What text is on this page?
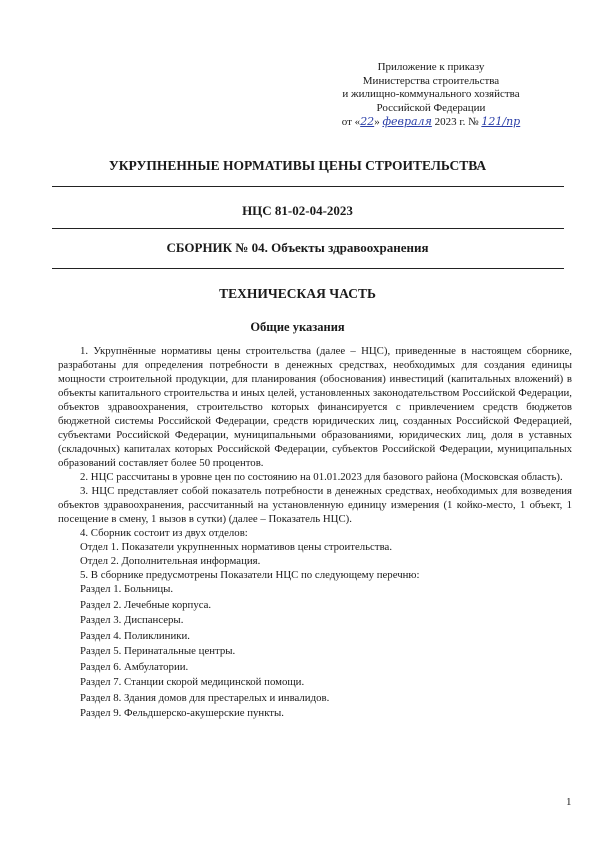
Приложение к приказу
Министерства строительства
и жилищно-коммунального хозяйства
Российской Федерации
от «22» февраля 2023 г. № 121/пр
УКРУПНЕННЫЕ НОРМАТИВЫ ЦЕНЫ СТРОИТЕЛЬСТВА
НЦС 81-02-04-2023
СБОРНИК № 04. Объекты здравоохранения
ТЕХНИЧЕСКАЯ ЧАСТЬ
Общие указания

1. Укрупнённые нормативы цены строительства (далее – НЦС), приведенные в настоящем сборнике, разработаны для определения потребности в денежных средствах, необходимых для создания единицы мощности строительной продукции, для планирования (обоснования) инвестиций (капитальных вложений) в объекты капитального строительства и иных целей, установленных законодательством Российской Федерации, объектов здравоохранения, строительство которых финансируется с привлечением средств бюджетов бюджетной системы Российской Федерации, средств юридических лиц, созданных Российской Федерацией, субъектами Российской Федерации, муниципальными образованиями, юридических лиц, доля в уставных (складочных) капиталах которых Российской Федерации, субъектов Российской Федерации, муниципальных образований составляет более 50 процентов.

2. НЦС рассчитаны в уровне цен по состоянию на 01.01.2023 для базового района (Московская область).

3. НЦС представляет собой показатель потребности в денежных средствах, необходимых для возведения объектов здравоохранения, рассчитанный на установленную единицу измерения (1 койко-место, 1 объект, 1 посещение в смену, 1 вызов в сутки) (далее – Показатель НЦС).

4. Сборник состоит из двух отделов:

Отдел 1. Показатели укрупненных нормативов цены строительства.

Отдел 2. Дополнительная информация.

5. В сборнике предусмотрены Показатели НЦС по следующему перечню:

Раздел 1. Больницы.

Раздел 2. Лечебные корпуса.

Раздел 3. Диспансеры.

Раздел 4. Поликлиники.

Раздел 5. Перинатальные центры.

Раздел 6. Амбулатории.

Раздел 7. Станции скорой медицинской помощи.

Раздел 8. Здания домов для престарелых и инвалидов.

Раздел 9. Фельдшерско-акушерские пункты.

1
